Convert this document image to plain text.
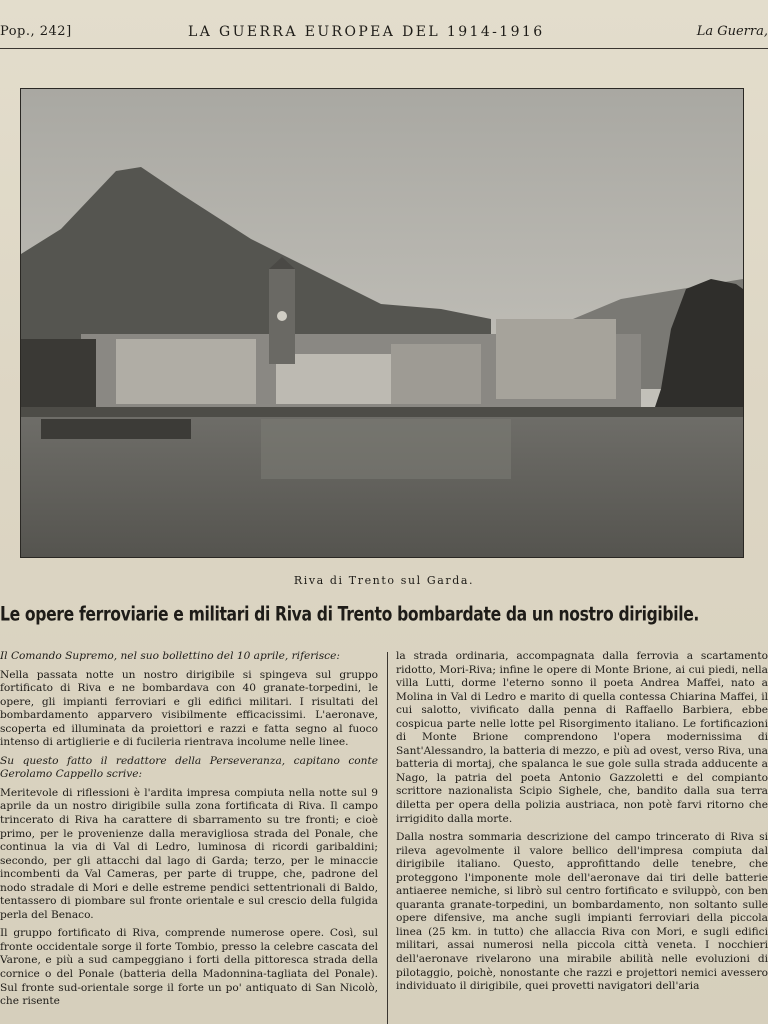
Pop., 242]	LA GUERRA EUROPEA DEL 1914-1916	La Guerra,
Riva di Trento sul Garda.
Le opere ferroviarie e militari di Riva di Trento bombardate da un nostro dirigibile.

Il Comando Supremo, nel suo bollettino del 10 aprile, riferisce:

Nella passata notte un nostro dirigibile si spingeva sul gruppo fortificato di Riva e ne bombardava con 40 granate-torpedini, le opere, gli impianti ferroviari e gli edifici militari. I risultati del bombardamento apparvero visibilmente efficacissimi. L'aeronave, scoperta ed illuminata da proiettori e razzi e fatta segno al fuoco intenso di artiglierie e di fucileria rientrava incolume nelle linee.

Su questo fatto il redattore della Perseveranza, capitano conte Gerolamo Cappello scrive:

Meritevole di riflessioni è l'ardita impresa compiuta nella notte sul 9 aprile da un nostro dirigibile sulla zona fortificata di Riva. Il campo trincerato di Riva ha carattere di sbarramento su tre fronti; e cioè primo, per le provenienze dalla meravigliosa strada del Ponale, che continua la via di Val di Ledro, luminosa di ricordi garibaldini; secondo, per gli attacchi dal lago di Garda; terzo, per le minaccie incombenti da Val Cameras, per parte di truppe, che, padrone del nodo stradale di Mori e delle estreme pendici settentrionali di Baldo, tentassero di piombare sul fronte orientale e sul crescio della fulgida perla del Benaco.

Il gruppo fortificato di Riva, comprende numerose opere. Così, sul fronte occidentale sorge il forte Tombio, presso la celebre cascata del Varone, e più a sud campeggiano i forti della pittoresca strada della cornice o del Ponale (batteria della Madonnina-tagliata del Ponale). Sul fronte sud-orientale sorge il forte un po' antiquato di San Nicolò, che risente

la strada ordinaria, accompagnata dalla ferrovia a scartamento ridotto, Mori-Riva; infine le opere di Monte Brione, ai cui piedi, nella villa Lutti, dorme l'eterno sonno il poeta Andrea Maffei, nato a Molina in Val di Ledro e marito di quella contessa Chiarina Maffei, il cui salotto, vivificato dalla penna di Raffaello Barbiera, ebbe cospicua parte nelle lotte pel Risorgimento italiano. Le fortificazioni di Monte Brione comprendono l'opera modernissima di Sant'Alessandro, la batteria di mezzo, e più ad ovest, verso Riva, una batteria di mortaj, che spalanca le sue gole sulla strada adducente a Nago, la patria del poeta Antonio Gazzoletti e del compianto scrittore nazionalista Scipio Sighele, che, bandito dalla sua terra diletta per opera della polizia austriaca, non potè farvi ritorno che irrigidito dalla morte.

Dalla nostra sommaria descrizione del campo trincerato di Riva si rileva agevolmente il valore bellico dell'impresa compiuta dal dirigibile italiano. Questo, approfittando delle tenebre, che proteggono l'imponente mole dell'aeronave dai tiri delle batterie antiaeree nemiche, si librò sul centro fortificato e sviluppò, con ben quaranta granate-torpedini, un bombardamento, non soltanto sulle opere difensive, ma anche sugli impianti ferroviari della piccola linea (25 km. in tutto) che allaccia Riva con Mori, e sugli edifici militari, assai numerosi nella piccola città veneta. I nocchieri dell'aeronave rivelarono una mirabile abilità nelle evoluzioni di pilotaggio, poichè, nonostante che razzi e projettori nemici avessero individuato il dirigibile, quei provetti navigatori dell'aria
